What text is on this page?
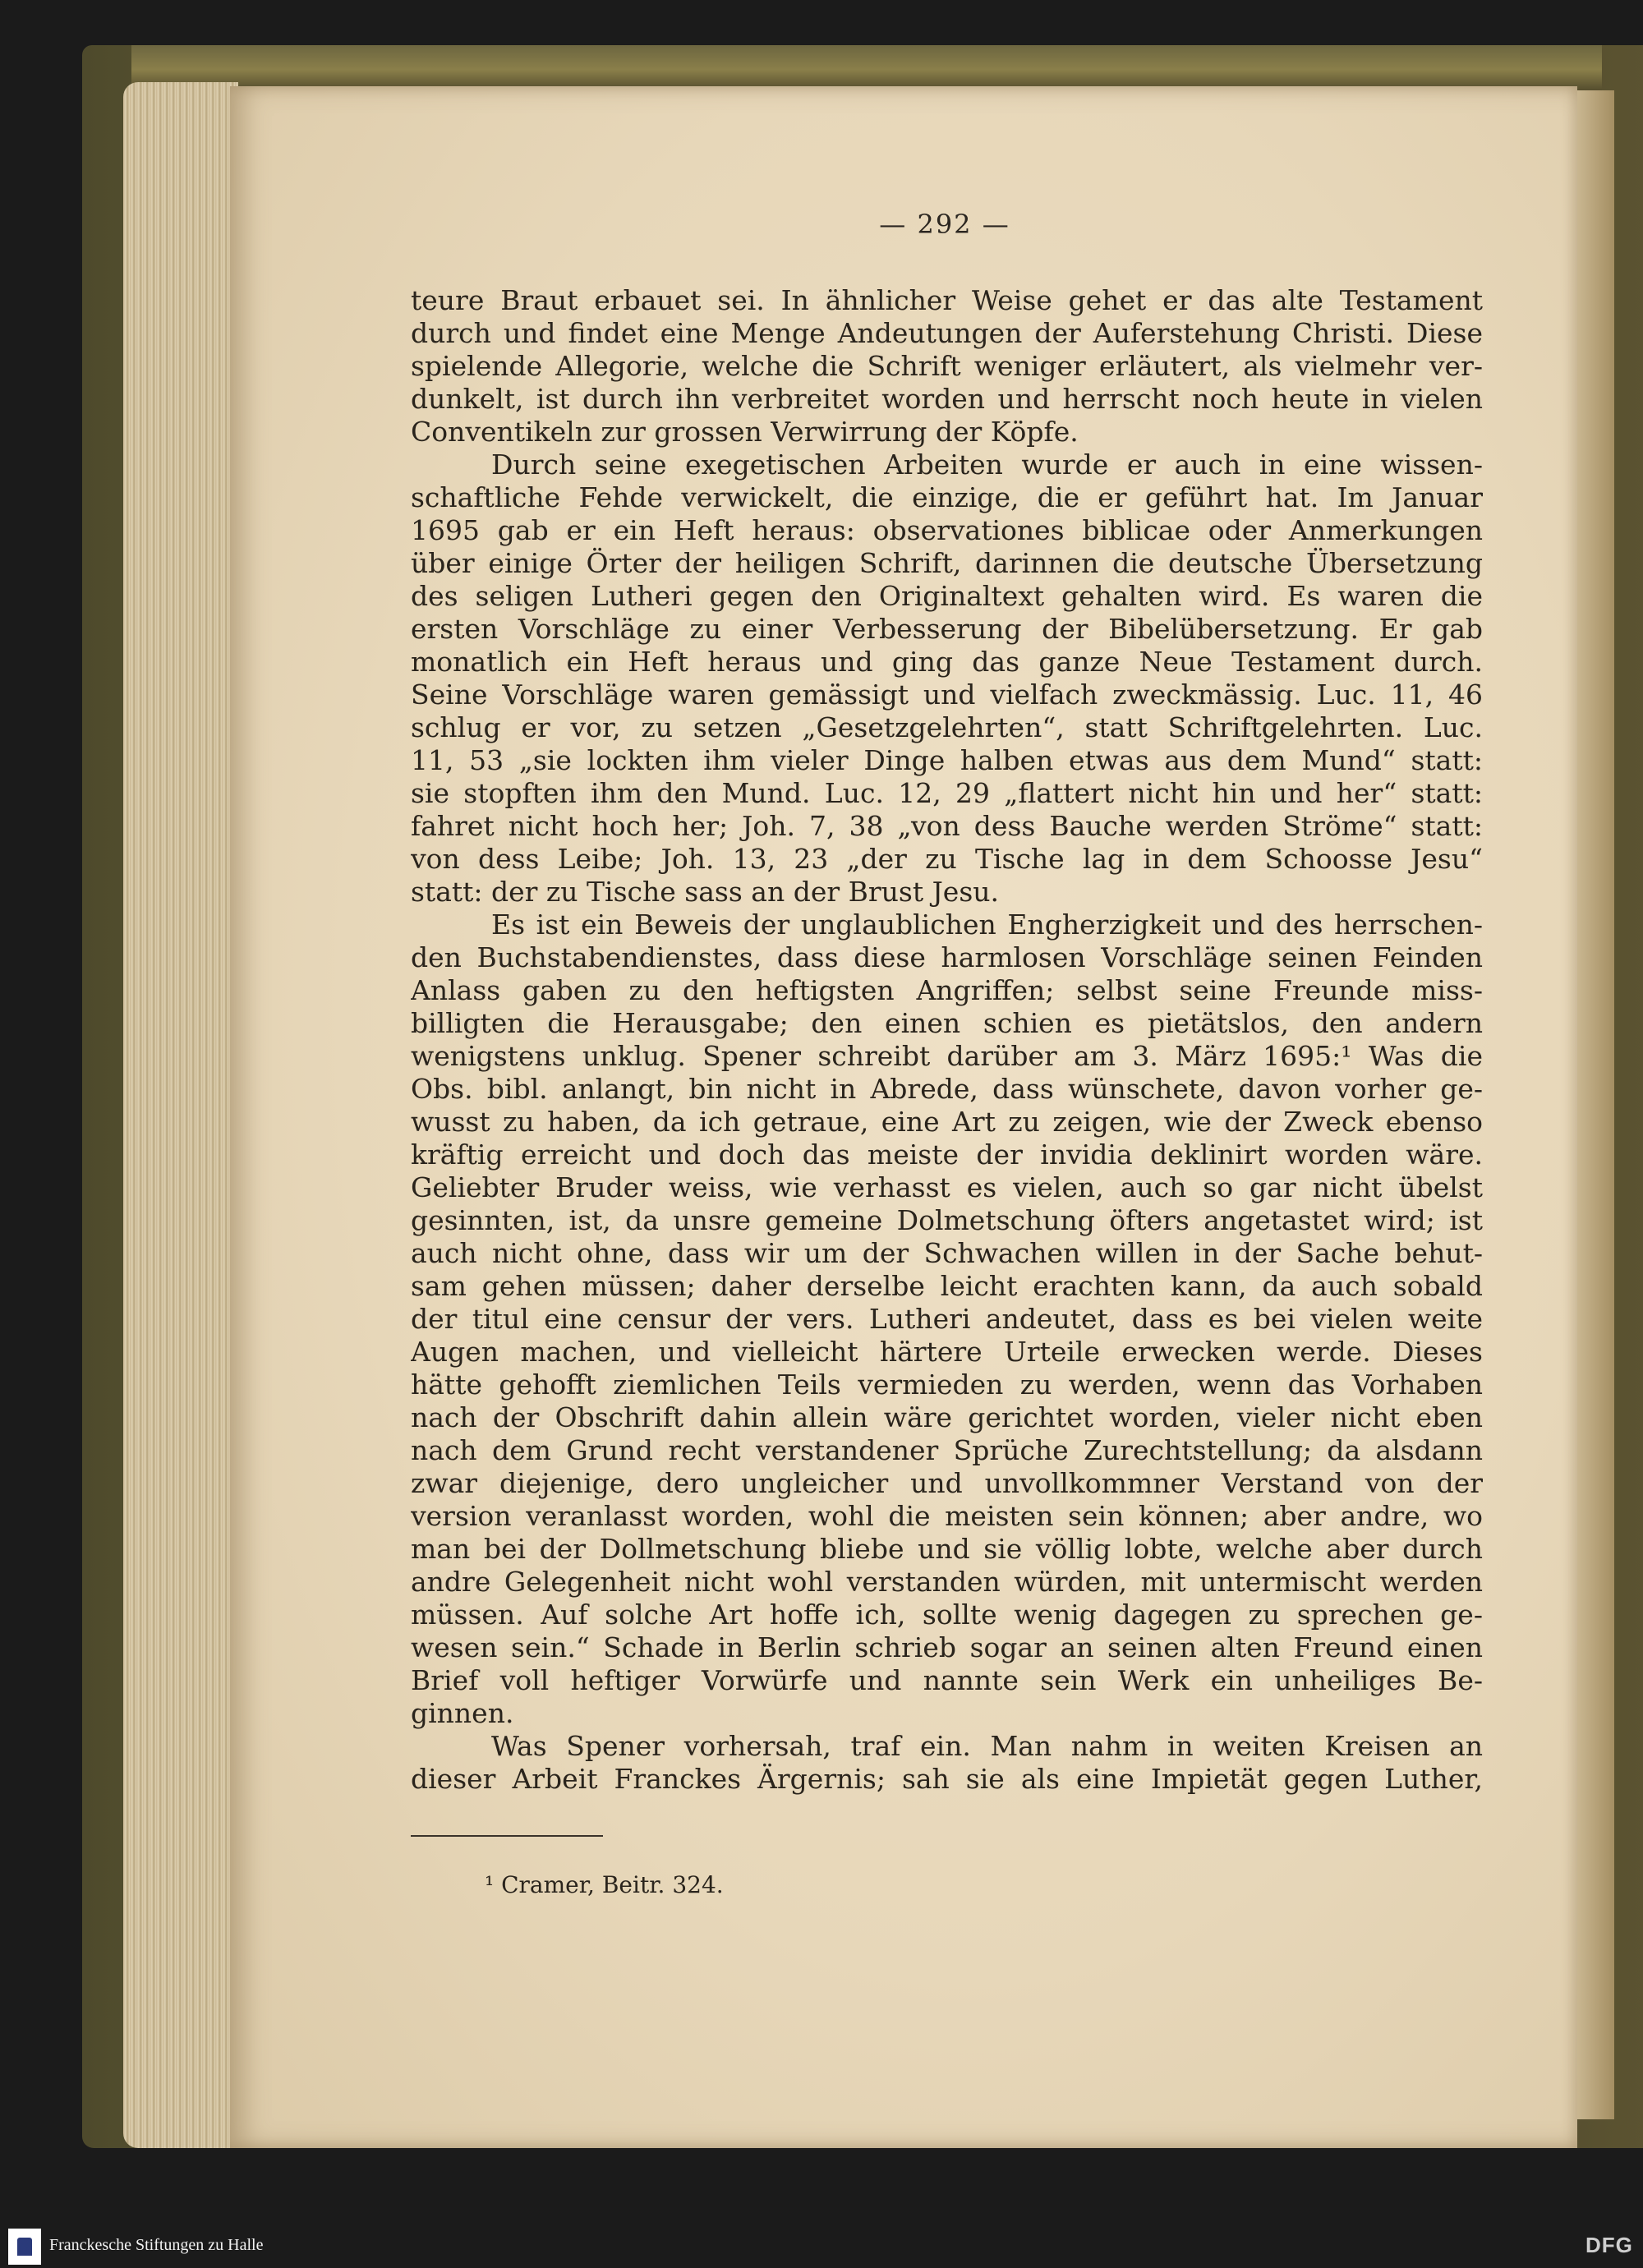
— 292 —
teure Braut erbauet sei. In ähnlicher Weise gehet er das alte Testament
durch und findet eine Menge Andeutungen der Auferstehung Christi. Diese
spielende Allegorie, welche die Schrift weniger erläutert, als vielmehr ver-
dunkelt, ist durch ihn verbreitet worden und herrscht noch heute in vielen
Conventikeln zur grossen Verwirrung der Köpfe.
Durch seine exegetischen Arbeiten wurde er auch in eine wissen-
schaftliche Fehde verwickelt, die einzige, die er geführt hat. Im Januar
1695 gab er ein Heft heraus: observationes biblicae oder Anmerkungen
über einige Örter der heiligen Schrift, darinnen die deutsche Übersetzung
des seligen Lutheri gegen den Originaltext gehalten wird. Es waren die
ersten Vorschläge zu einer Verbesserung der Bibelübersetzung. Er gab
monatlich ein Heft heraus und ging das ganze Neue Testament durch.
Seine Vorschläge waren gemässigt und vielfach zweckmässig. Luc. 11, 46
schlug er vor, zu setzen „Gesetzgelehrten“, statt Schriftgelehrten. Luc.
11, 53 „sie lockten ihm vieler Dinge halben etwas aus dem Mund“ statt:
sie stopften ihm den Mund. Luc. 12, 29 „flattert nicht hin und her“ statt:
fahret nicht hoch her; Joh. 7, 38 „von dess Bauche werden Ströme“ statt:
von dess Leibe; Joh. 13, 23 „der zu Tische lag in dem Schoosse Jesu“
statt: der zu Tische sass an der Brust Jesu.
Es ist ein Beweis der unglaublichen Engherzigkeit und des herrschen-
den Buchstabendienstes, dass diese harmlosen Vorschläge seinen Feinden
Anlass gaben zu den heftigsten Angriffen; selbst seine Freunde miss-
billigten die Herausgabe; den einen schien es pietätslos, den andern
wenigstens unklug. Spener schreibt darüber am 3. März 1695:¹ Was die
Obs. bibl. anlangt, bin nicht in Abrede, dass wünschete, davon vorher ge-
wusst zu haben, da ich getraue, eine Art zu zeigen, wie der Zweck ebenso
kräftig erreicht und doch das meiste der invidia deklinirt worden wäre.
Geliebter Bruder weiss, wie verhasst es vielen, auch so gar nicht übelst
gesinnten, ist, da unsre gemeine Dolmetschung öfters angetastet wird; ist
auch nicht ohne, dass wir um der Schwachen willen in der Sache behut-
sam gehen müssen; daher derselbe leicht erachten kann, da auch sobald
der titul eine censur der vers. Lutheri andeutet, dass es bei vielen weite
Augen machen, und vielleicht härtere Urteile erwecken werde. Dieses
hätte gehofft ziemlichen Teils vermieden zu werden, wenn das Vorhaben
nach der Obschrift dahin allein wäre gerichtet worden, vieler nicht eben
nach dem Grund recht verstandener Sprüche Zurechtstellung; da alsdann
zwar diejenige, dero ungleicher und unvollkommner Verstand von der
version veranlasst worden, wohl die meisten sein können; aber andre, wo
man bei der Dollmetschung bliebe und sie völlig lobte, welche aber durch
andre Gelegenheit nicht wohl verstanden würden, mit untermischt werden
müssen. Auf solche Art hoffe ich, sollte wenig dagegen zu sprechen ge-
wesen sein.“ Schade in Berlin schrieb sogar an seinen alten Freund einen
Brief voll heftiger Vorwürfe und nannte sein Werk ein unheiliges Be-
ginnen.
Was Spener vorhersah, traf ein. Man nahm in weiten Kreisen an
dieser Arbeit Franckes Ärgernis; sah sie als eine Impietät gegen Luther,
¹ Cramer, Beitr. 324.
Franckesche Stiftungen zu Halle	DFG
